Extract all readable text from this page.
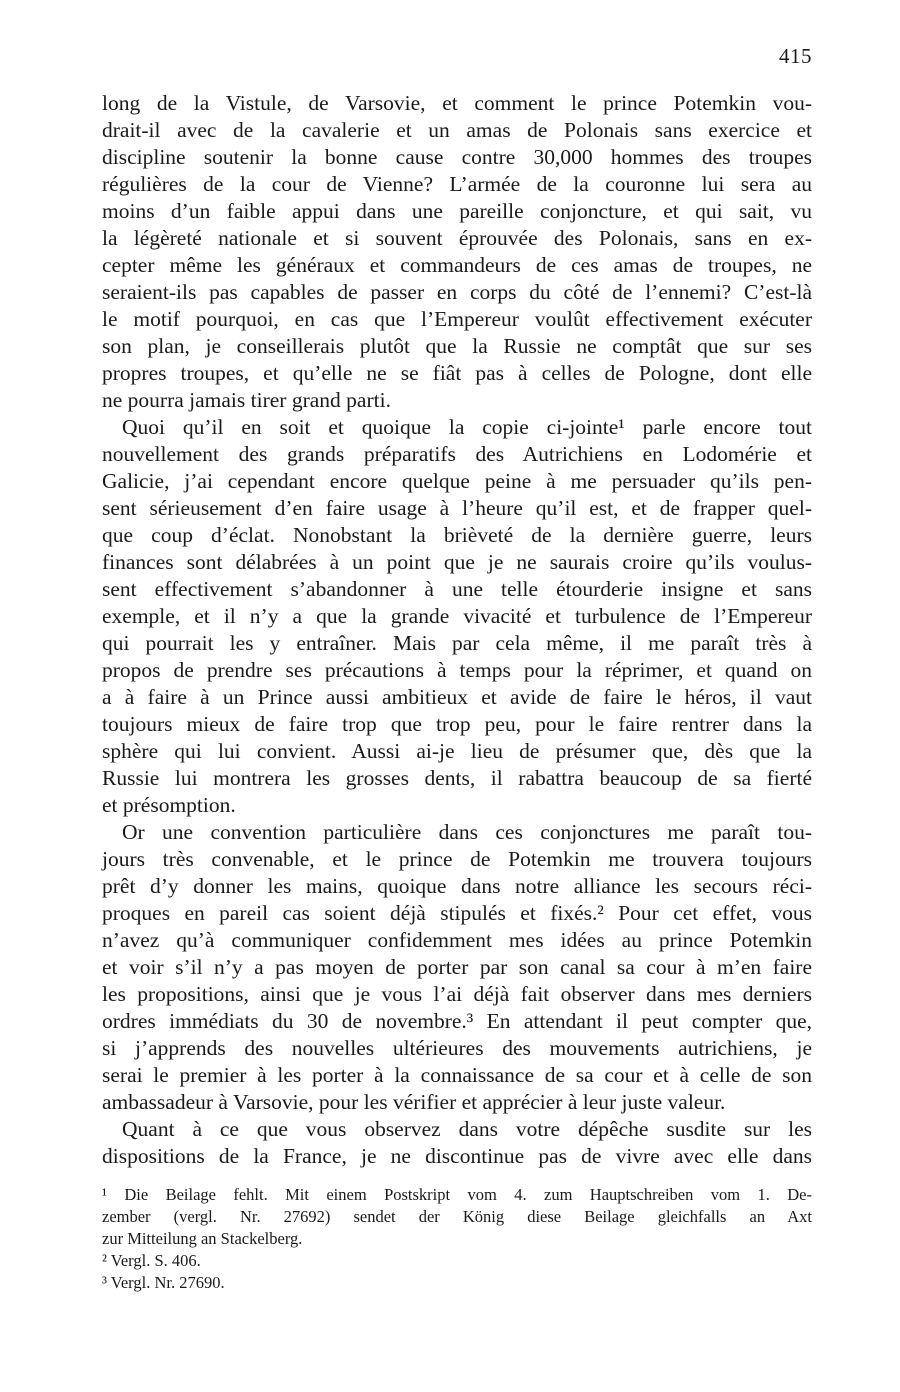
415
long de la Vistule, de Varsovie, et comment le prince Potemkin vou-
drait-il avec de la cavalerie et un amas de Polonais sans exercice et
discipline soutenir la bonne cause contre 30,000 hommes des troupes
régulières de la cour de Vienne? L’armée de la couronne lui sera au
moins d’un faible appui dans une pareille conjoncture, et qui sait, vu
la légèreté nationale et si souvent éprouvée des Polonais, sans en ex-
cepter même les généraux et commandeurs de ces amas de troupes, ne
seraient-ils pas capables de passer en corps du côté de l’ennemi? C’est-là
le motif pourquoi, en cas que l’Empereur voulût effectivement exécuter
son plan, je conseillerais plutôt que la Russie ne comptât que sur ses
propres troupes, et qu’elle ne se fiât pas à celles de Pologne, dont elle
ne pourra jamais tirer grand parti.
Quoi qu’il en soit et quoique la copie ci-jointe¹ parle encore tout
nouvellement des grands préparatifs des Autrichiens en Lodomérie et
Galicie, j’ai cependant encore quelque peine à me persuader qu’ils pen-
sent sérieusement d’en faire usage à l’heure qu’il est, et de frapper quel-
que coup d’éclat. Nonobstant la brièveté de la dernière guerre, leurs
finances sont délabrées à un point que je ne saurais croire qu’ils voulus-
sent effectivement s’abandonner à une telle étourderie insigne et sans
exemple, et il n’y a que la grande vivacité et turbulence de l’Empereur
qui pourrait les y entraîner. Mais par cela même, il me paraît très à
propos de prendre ses précautions à temps pour la réprimer, et quand on
a à faire à un Prince aussi ambitieux et avide de faire le héros, il vaut
toujours mieux de faire trop que trop peu, pour le faire rentrer dans la
sphère qui lui convient. Aussi ai-je lieu de présumer que, dès que la
Russie lui montrera les grosses dents, il rabattra beaucoup de sa fierté
et présomption.
Or une convention particulière dans ces conjonctures me paraît tou-
jours très convenable, et le prince de Potemkin me trouvera toujours
prêt d’y donner les mains, quoique dans notre alliance les secours réci-
proques en pareil cas soient déjà stipulés et fixés.² Pour cet effet, vous
n’avez qu’à communiquer confidemment mes idées au prince Potemkin
et voir s’il n’y a pas moyen de porter par son canal sa cour à m’en faire
les propositions, ainsi que je vous l’ai déjà fait observer dans mes derniers
ordres immédiats du 30 de novembre.³ En attendant il peut compter que,
si j’apprends des nouvelles ultérieures des mouvements autrichiens, je
serai le premier à les porter à la connaissance de sa cour et à celle de son
ambassadeur à Varsovie, pour les vérifier et apprécier à leur juste valeur.
Quant à ce que vous observez dans votre dépêche susdite sur les
dispositions de la France, je ne discontinue pas de vivre avec elle dans
¹ Die Beilage fehlt. Mit einem Postskript vom 4. zum Hauptschreiben vom 1. De-
zember (vergl. Nr. 27692) sendet der König diese Beilage gleichfalls an Axt
zur Mitteilung an Stackelberg.
² Vergl. S. 406.
³ Vergl. Nr. 27690.
